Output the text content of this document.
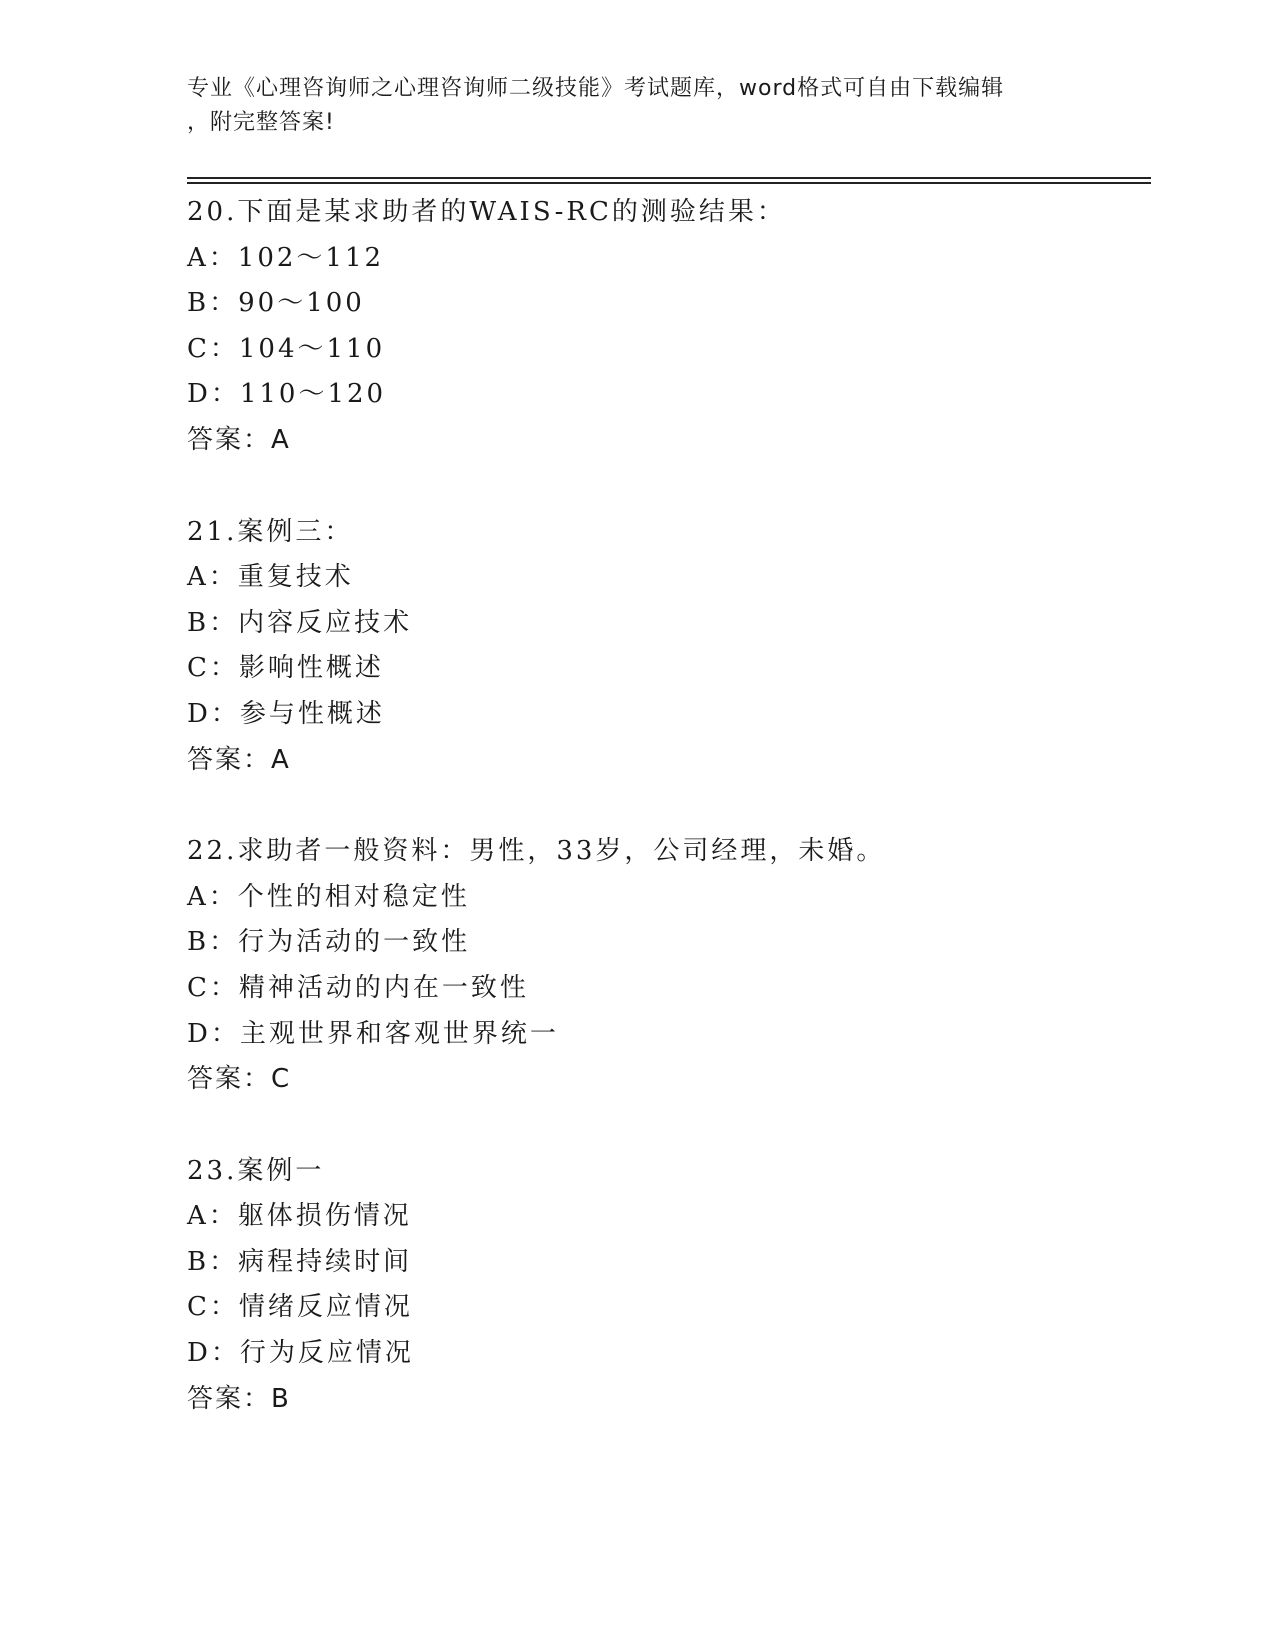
专业《心理咨询师之心理咨询师二级技能》考试题库，word格式可自由下载编辑
，附完整答案!
20.下面是某求助者的WAIS-RC的测验结果：
A：102～112
B：90～100
C：104～110
D：110～120
答案：A
21.案例三：
A：重复技术
B：内容反应技术
C：影响性概述
D：参与性概述
答案：A
22.求助者一般资料：男性，33岁，公司经理，未婚。
A：个性的相对稳定性
B：行为活动的一致性
C：精神活动的内在一致性
D：主观世界和客观世界统一
答案：C
23.案例一
A：躯体损伤情况
B：病程持续时间
C：情绪反应情况
D：行为反应情况
答案：B
